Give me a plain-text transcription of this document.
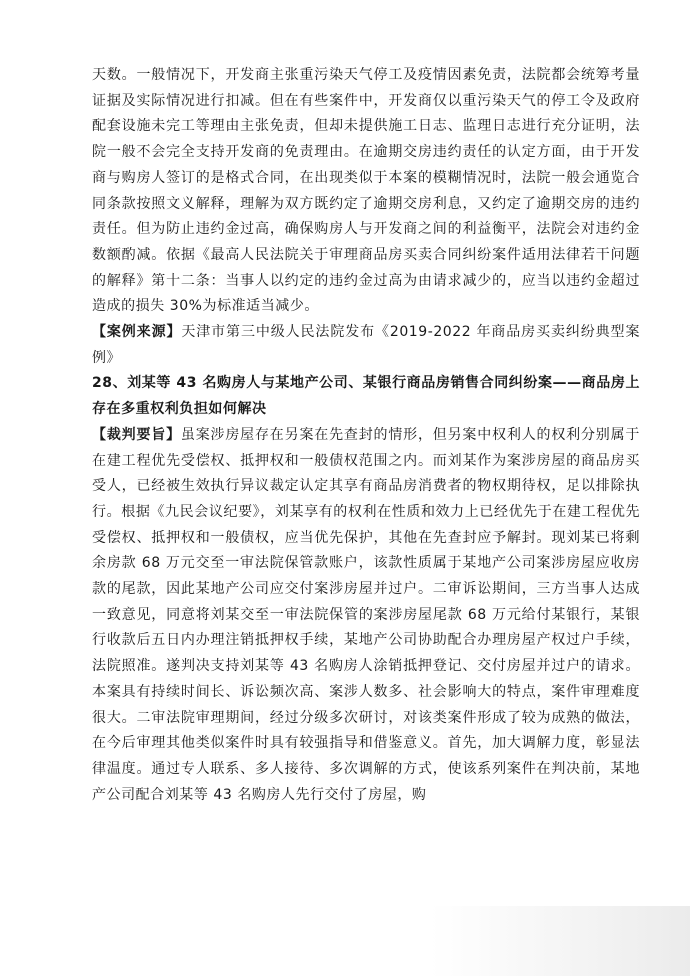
天数。一般情况下，开发商主张重污染天气停工及疫情因素免责，法院都会统筹考量证据及实际情况进行扣减。但在有些案件中，开发商仅以重污染天气的停工令及政府配套设施未完工等理由主张免责，但却未提供施工日志、监理日志进行充分证明，法院一般不会完全支持开发商的免责理由。在逾期交房违约责任的认定方面，由于开发商与购房人签订的是格式合同，在出现类似于本案的模糊情况时，法院一般会通览合同条款按照文义解释，理解为双方既约定了逾期交房利息，又约定了逾期交房的违约责任。但为防止违约金过高，确保购房人与开发商之间的利益衡平，法院会对违约金数额酌减。依据《最高人民法院关于审理商品房买卖合同纠纷案件适用法律若干问题的解释》第十二条：当事人以约定的违约金过高为由请求减少的，应当以违约金超过造成的损失 30%为标准适当减少。

【案例来源】天津市第三中级人民法院发布《2019-2022 年商品房买卖纠纷典型案例》

28、刘某等 43 名购房人与某地产公司、某银行商品房销售合同纠纷案——商品房上存在多重权利负担如何解决

【裁判要旨】虽案涉房屋存在另案在先查封的情形，但另案中权利人的权利分别属于在建工程优先受偿权、抵押权和一般债权范围之内。而刘某作为案涉房屋的商品房买受人，已经被生效执行异议裁定认定其享有商品房消费者的物权期待权，足以排除执行。根据《九民会议纪要》，刘某享有的权利在性质和效力上已经优先于在建工程优先受偿权、抵押权和一般债权，应当优先保护，其他在先查封应予解封。现刘某已将剩余房款 68 万元交至一审法院保管款账户，该款性质属于某地产公司案涉房屋应收房款的尾款，因此某地产公司应交付案涉房屋并过户。二审诉讼期间，三方当事人达成一致意见，同意将刘某交至一审法院保管的案涉房屋尾款 68 万元给付某银行，某银行收款后五日内办理注销抵押权手续，某地产公司协助配合办理房屋产权过户手续，法院照准。遂判决支持刘某等 43 名购房人涂销抵押登记、交付房屋并过户的请求。本案具有持续时间长、诉讼频次高、案涉人数多、社会影响大的特点，案件审理难度很大。二审法院审理期间，经过分级多次研讨，对该类案件形成了较为成熟的做法，在今后审理其他类似案件时具有较强指导和借鉴意义。首先，加大调解力度，彰显法律温度。通过专人联系、多人接待、多次调解的方式，使该系列案件在判决前，某地产公司配合刘某等 43 名购房人先行交付了房屋，购
